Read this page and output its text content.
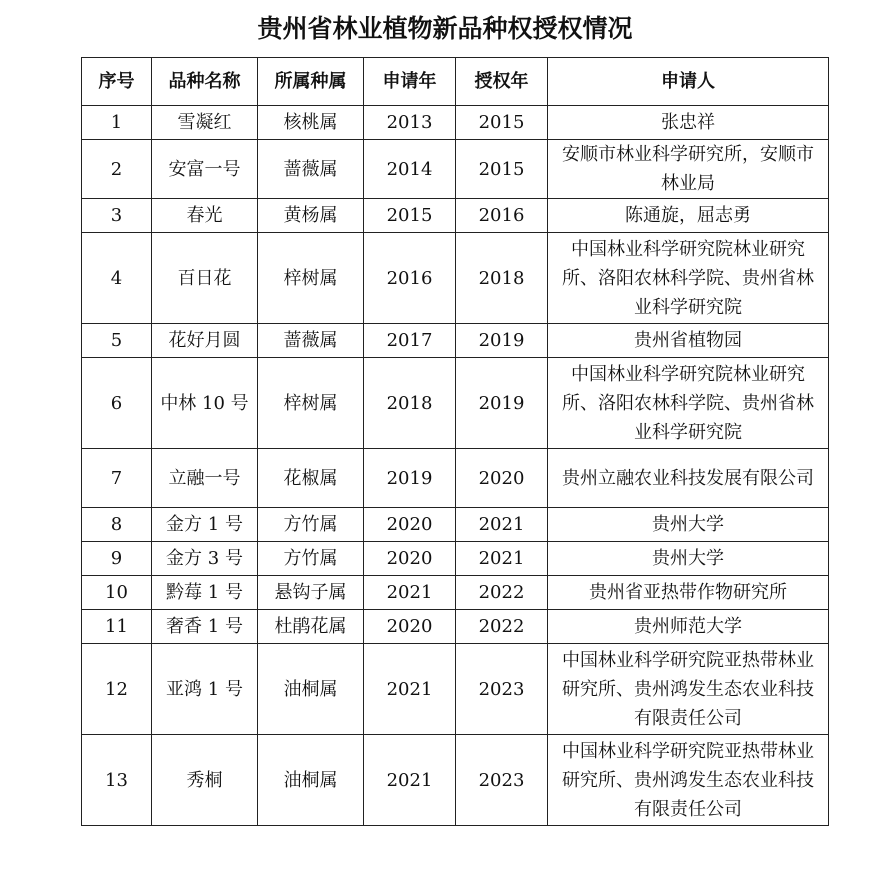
贵州省林业植物新品种权授权情况
序号	品种名称	所属种属	申请年	授权年	申请人
1	雪凝红	核桃属	2013	2015	张忠祥
2	安富一号	蔷薇属	2014	2015	安顺市林业科学研究所，安顺市林业局
3	春光	黄杨属	2015	2016	陈通旋，屈志勇
4	百日花	梓树属	2016	2018	中国林业科学研究院林业研究所、洛阳农林科学院、贵州省林业科学研究院
5	花好月圆	蔷薇属	2017	2019	贵州省植物园
6	中林 10 号	梓树属	2018	2019	中国林业科学研究院林业研究所、洛阳农林科学院、贵州省林业科学研究院
7	立融一号	花椒属	2019	2020	贵州立融农业科技发展有限公司
8	金方 1 号	方竹属	2020	2021	贵州大学
9	金方 3 号	方竹属	2020	2021	贵州大学
10	黔莓 1 号	悬钩子属	2021	2022	贵州省亚热带作物研究所
11	奢香 1 号	杜鹃花属	2020	2022	贵州师范大学
12	亚鸿 1 号	油桐属	2021	2023	中国林业科学研究院亚热带林业研究所、贵州鸿发生态农业科技有限责任公司
13	秀桐	油桐属	2021	2023	中国林业科学研究院亚热带林业研究所、贵州鸿发生态农业科技有限责任公司
